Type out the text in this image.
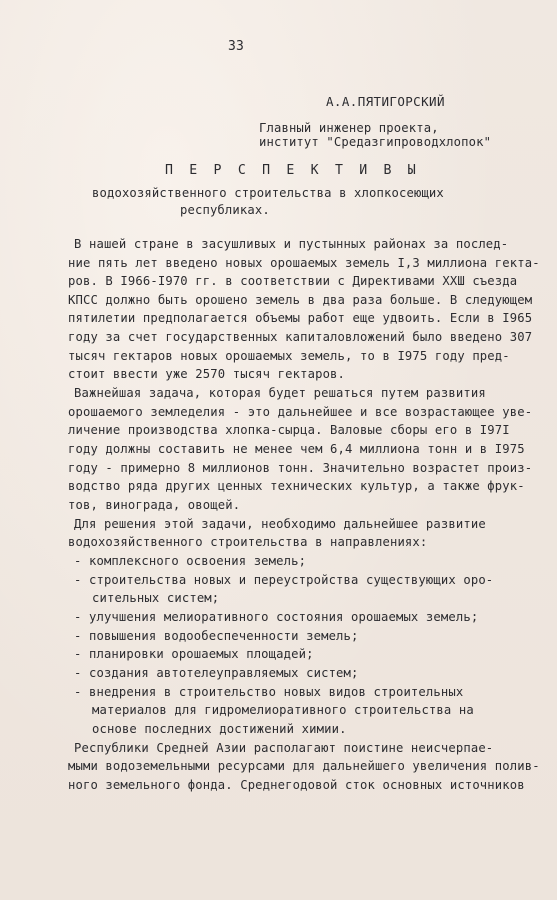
33
А.А.ПЯТИГОРСКИЙ
Главный инженер проекта,
институт "Средазгипроводхлопок"
П Е Р С П Е К Т И В Ы
водохозяйственного строительства в хлопкосеющих
республиках.
В нашей стране в засушливых и пустынных районах за послед-
ние пять лет введено новых орошаемых земель I,3 миллиона гекта-
ров. В I966-I970 гг. в соответствии с Директивами XXШ съезда
КПСС должно быть орошено земель в два раза больше. В следующем
пятилетии предполагается объемы работ еще удвоить. Если в I965
году за счет государственных капиталовложений было введено 307
тысяч гектаров новых орошаемых земель, то в I975 году пред-
стоит ввести уже 2570 тысяч гектаров.
Важнейшая задача, которая будет решаться путем развития
орошаемого земледелия - это дальнейшее и все возрастающее уве-
личение производства хлопка-сырца. Валовые сборы его в I97I
году должны составить не менее чем 6,4 миллиона тонн и в I975
году - примерно 8 миллионов тонн. Значительно возрастет произ-
водство ряда других ценных технических культур, а также фрук-
тов, винограда, овощей.
Для решения этой задачи, необходимо дальнейшее развитие
водохозяйственного строительства в направлениях:
- комплексного освоения земель;
- строительства новых и переустройства существующих оро-
сительных систем;
- улучшения мелиоративного состояния орошаемых земель;
- повышения водообеспеченности земель;
- планировки орошаемых площадей;
- создания автотелеуправляемых систем;
- внедрения в строительство новых видов строительных
материалов для гидромелиоративного строительства на
основе последних достижений химии.
Республики Средней Азии располагают поистине неисчерпае-
мыми водоземельными ресурсами для дальнейшего увеличения полив-
ного земельного фонда. Среднегодовой сток основных источников
